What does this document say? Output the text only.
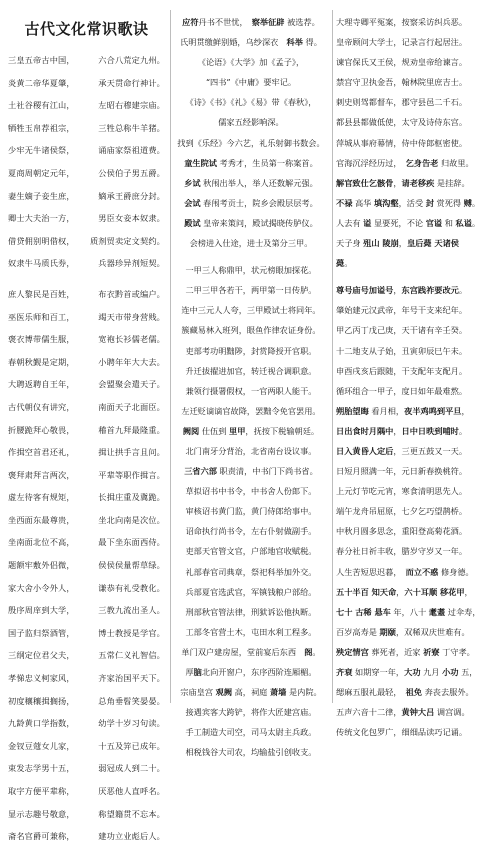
古代文化常识歌诀
三皇五帝古中国，	六合八荒定九州。
炎黄二帝华夏肇，	承天贯命行神计。
土社谷稷有江山，	左昭右穆建宗庙。
牺牲玉帛荐祖宗，	三牲总称牛羊猪。
少牢无牛诸侯祭，	诵庙家祭祖道费。
夏商周朝定元年，	公侯伯子男五爵。
妻生嫡子妾生庶，	嫡承王爵庶分封。
卿士大夫治一方，	男臣女妾本奴隶。
借贷佣别明借权， 质剂贸卖定文契约。
奴隶牛马质氏券，	兵器珍异剂短契。
庶人黎民是百姓，	布衣黔首或编户。
巫医乐师和百工，	竭天市带身营贱。
褒衣博带儒生服，	宽袍长衫儒老儒。
春朝秋觐是定期，	小聘年年大大去。
大聘返聘自王年，	会盟聚会遣天子。
古代朝仪有讲究，	南面天子北面臣。
折腰跪拜心敬畏，	稽首九拜最隆重。
作揖空首君还礼，	揖让拱手言且问。
褒拜肃拜言两次，	平辈等职作揖言。
虚左待客有规矩，	长揖庄重及冀跪。
坐西面东最尊贵，	坐北向南是次位。
坐南面北位不高，	最下坐东面西侍。
题额牢敷外侣微，	侯侯侯量帮草绿。
家大舍小令外人，	谦恭有礼受教化。
殷序周庠到大学，	三教九流出圣人。
国子监归祭酒管，	博士教授是学官。
三纲定位君父夫，	五常仁义礼智信。
孝悌忠义柯家风，	齐家治国平天下。
初度穰穰揖搁扬，	总角垂髫笑晏晏。
九龄黄口学指数，	幼学十岁习句读。
金钗豆蔻女儿家，	十五及笄已成年。
束发志学男十五，	弱冠成人到二十。
取字方便平辈称，	厌恶他人直呼名。
显示志趣号敬意，	称望籍贯不忘本。
斋名官爵可兼称，	建功立业彪后人。
应符丹书不世忧，　察举征辟 被选荐。
氏明贯缴鲜别婚，乌纱深衣　科举 得。
《论语》《大学》加《孟子》，
“四书”《中庸》要牢记。
《诗》《书》《礼》《易》带《春秋》，
儒家五经影响深。
找到《乐经》今六艺，礼乐射御书数会。
童生院试 考秀才，生员第一称案首。
乡试 秋闱出举人，举人还数解元强。
会试 春闱考贡士，院乡会殿层层考。
殿试 皇帝来策问，殿试揭晓传胪仪。
会榜进入仕途，进士及第分三甲。
一甲三人称鼎甲，状元榜眼加探花。
二甲三甲各若干，两甲第一日传胪。
连中三元人人夸，三甲殿试士将同年。
簇藏易林入班列，眼鱼作律农证身份。
吏部考功明黜陟，封赏降授开官职。
升迁拔擢进加官，转迁视合调职意。
兼领行摄署假权，一官两职人能干。
左迁贬谪谪官故降，罢黜令免官罢用。
阙阅 仕伍到 里甲，抚按下税输朝廷。
北门南牙分背治，北省南台设议事。
三省六部 职责清，中书门下尚书省。
草拟诏书中书令，中书舍人份郎下。
审核诏书黄门监，黄门侍郎给事中。
诏命执行尚书令，左右仆射做副手。
吏部天官管文官，户部地官收赋税。
礼部春官司典章，祭祀科举加外交。
兵部夏官选武官，军镇钱粮户部给。
刑部秋官管法律，刑狱诉讼他执断。
工部冬官营土木，屯田水利工程多。
单门双户建房屋，堂前宴后东西　阁。
厚脑北向开窗户，东序西阶连厢楣。
宗庙皇宫 观阙 高，祠庭 萧墙 是内院。
接遇宾客大跨铲，将作大匠建宫庙。
手工制造大司空，司马太尉主兵政。
相税钱谷大司农，均输盐引创收支。
大理寺卿平冤案，按察采访纠兵恶。
皇帝顾问大学士，记录言行起居注。
谏官保氏又王侯，规劝皇帝给谏言。
禁宫守卫执金吾，翰林院里庶吉士。
刺史则驾都督车，郡守县邑二千石。
都县县都做低使，太守及诗侍东宫。
萍城从事府幕情，侍中侍郎枢密使。
官海沉浮经历过，　乞身告老 归故里。
解官致仕乞骸骨，请老移疾 是挂辞。
不禄 高华 填沟壑，活受 封 赏死得 赙。
人去有 谥 显要死，不论 官谥 和 私谥。
天子身 殂山 陵崩，皇后薨 天诸侯
薨。
尊号庙号加谥号，东宫践祚要改元。
肇始建元汉武帝，年号干支来纪年。
甲乙丙丁戊己庚，天干诸有辛壬癸。
十二地支从子始，丑寅卯辰巳午未。
申酉戌亥后跟随，干支配年支配月。
循环组合一甲子，度日如年最难熬。
朔胎望晦 看月相，夜半鸡鸣到平旦，
日出食时月隅中，日中日昳到哺时。
日入黄昏人定后，三更五鼓又一天。
日短月照满一年，元日新春换桃符。
上元灯节吃元宵，寒食清明思先人。
端午龙舟吊屈原，七夕乞巧望鹊桥。
中秋月圆多思念，重阳登高菊花酒。
春分社日祈丰收，腊岁守岁又一年。
人生苦短思迟暮，　而立不惑 修身德。
五十半百 知天命，六十耳顺 移花甲，
七十 古稀 悬车 年，八十 耄耋 过伞寿，
百岁高寿是 期颐，双稀双庆世难有。
殃定情宫 葬死者，近家 祈寮 丁守孝。
齐衰 如期穿一年，大功 九月 小功 五，
缌麻五服礼最轻，　祖免 奔丧去服外。
五声六音十二律，黄钟大吕 调宫调。
传统文化包罗广，细细品读巧记诵。
